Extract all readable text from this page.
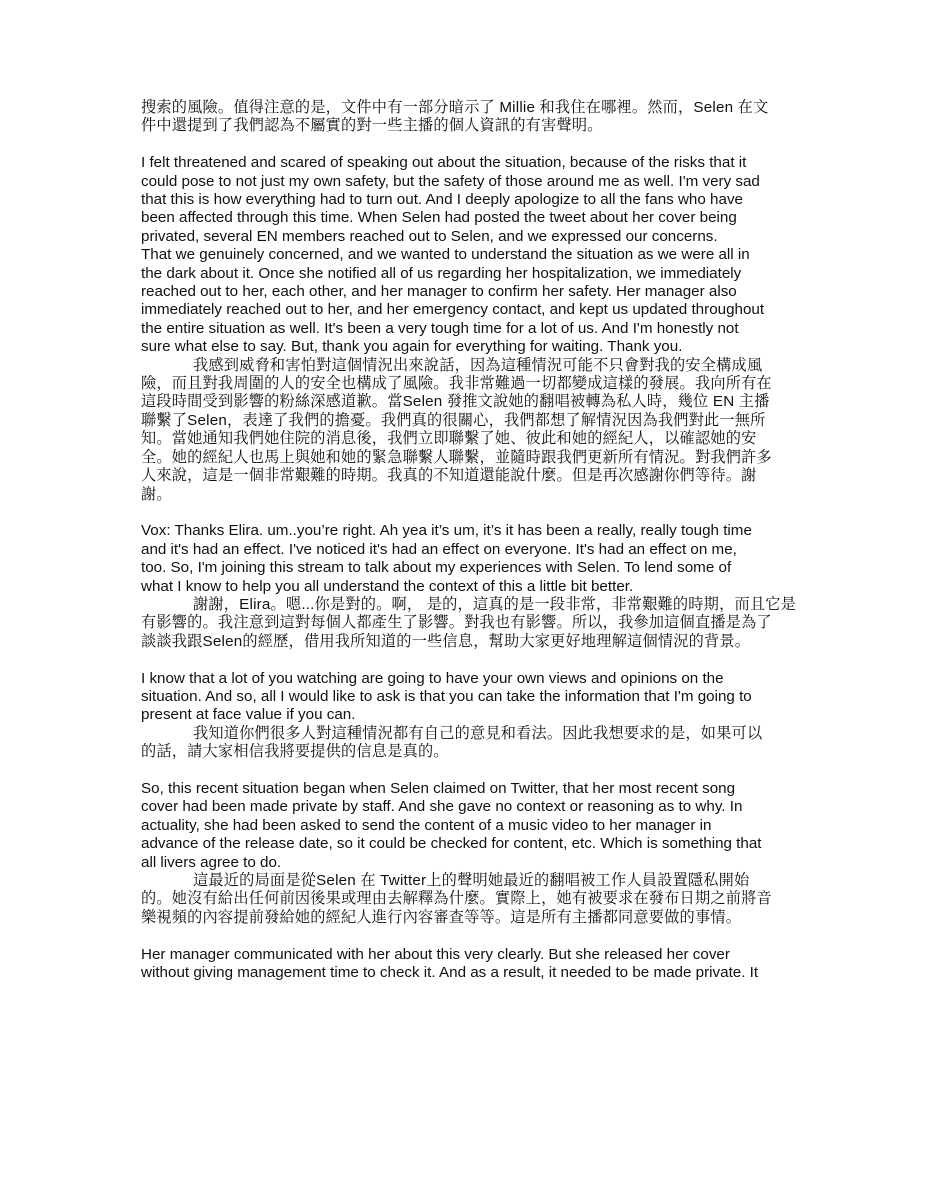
搜索的風險。值得注意的是，文件中有一部分暗示了 Millie 和我住在哪裡。然而，Selen 在文
件中還提到了我們認為不屬實的對一些主播的個人資訊的有害聲明。
I felt threatened and scared of speaking out about the situation, because of the risks that it
could pose to not just my own safety, but the safety of those around me as well. I'm very sad
that this is how everything had to turn out. And I deeply apologize to all the fans who have
been affected through this time. When Selen had posted the tweet about her cover being
privated, several EN members reached out to Selen, and we expressed our concerns.
That we genuinely concerned, and we wanted to understand the situation as we were all in
the dark about it. Once she notified all of us regarding her hospitalization, we immediately
reached out to her, each other, and her manager to confirm her safety. Her manager also
immediately reached out to her, and her emergency contact, and kept us updated throughout
the entire situation as well. It's been a very tough time for a lot of us. And I'm honestly not
sure what else to say. But, thank you again for everything for waiting. Thank you.
我感到威脅和害怕對這個情況出來說話，因為這種情況可能不只會對我的安全構成風
險，而且對我周圍的人的安全也構成了風險。我非常難過一切都變成這樣的發展。我向所有在
這段時間受到影響的粉絲深感道歉。當Selen 發推文說她的翻唱被轉為私人時，幾位 EN 主播
聯繫了Selen，表達了我們的擔憂。我們真的很關心，我們都想了解情況因為我們對此一無所
知。當她通知我們她住院的消息後，我們立即聯繫了她、彼此和她的經紀人，以確認她的安
全。她的經紀人也馬上與她和她的緊急聯繫人聯繫，並隨時跟我們更新所有情況。對我們許多
人來說，這是一個非常艱難的時期。我真的不知道還能說什麼。但是再次感謝你們等待。謝
謝。
Vox: Thanks Elira. um..you’re right. Ah yea it’s um, it’s it has been a really, really tough time
and it's had an effect. I've noticed it's had an effect on everyone. It's had an effect on me,
too. So, I'm joining this stream to talk about my experiences with Selen. To lend some of
what I know to help you all understand the context of this a little bit better.
謝謝，Elira。嗯...你是對的。啊， 是的，這真的是一段非常，非常艱難的時期，而且它是
有影響的。我注意到這對每個人都產生了影響。對我也有影響。所以，我參加這個直播是為了
談談我跟Selen的經歷，借用我所知道的一些信息，幫助大家更好地理解這個情況的背景。
I know that a lot of you watching are going to have your own views and opinions on the
situation. And so, all I would like to ask is that you can take the information that I'm going to
present at face value if you can.
我知道你們很多人對這種情況都有自己的意見和看法。因此我想要求的是，如果可以
的話，請大家相信我將要提供的信息是真的。
So, this recent situation began when Selen claimed on Twitter, that her most recent song
cover had been made private by staff. And she gave no context or reasoning as to why. In
actuality, she had been asked to send the content of a music video to her manager in
advance of the release date, so it could be checked for content, etc. Which is something that
all livers agree to do.
這最近的局面是從Selen 在 Twitter上的聲明她最近的翻唱被工作人員設置隱私開始
的。她沒有給出任何前因後果或理由去解釋為什麼。實際上，她有被要求在發布日期之前將音
樂視頻的內容提前發給她的經紀人進行內容審查等等。這是所有主播都同意要做的事情。
Her manager communicated with her about this very clearly. But she released her cover
without giving management time to check it. And as a result, it needed to be made private. It
